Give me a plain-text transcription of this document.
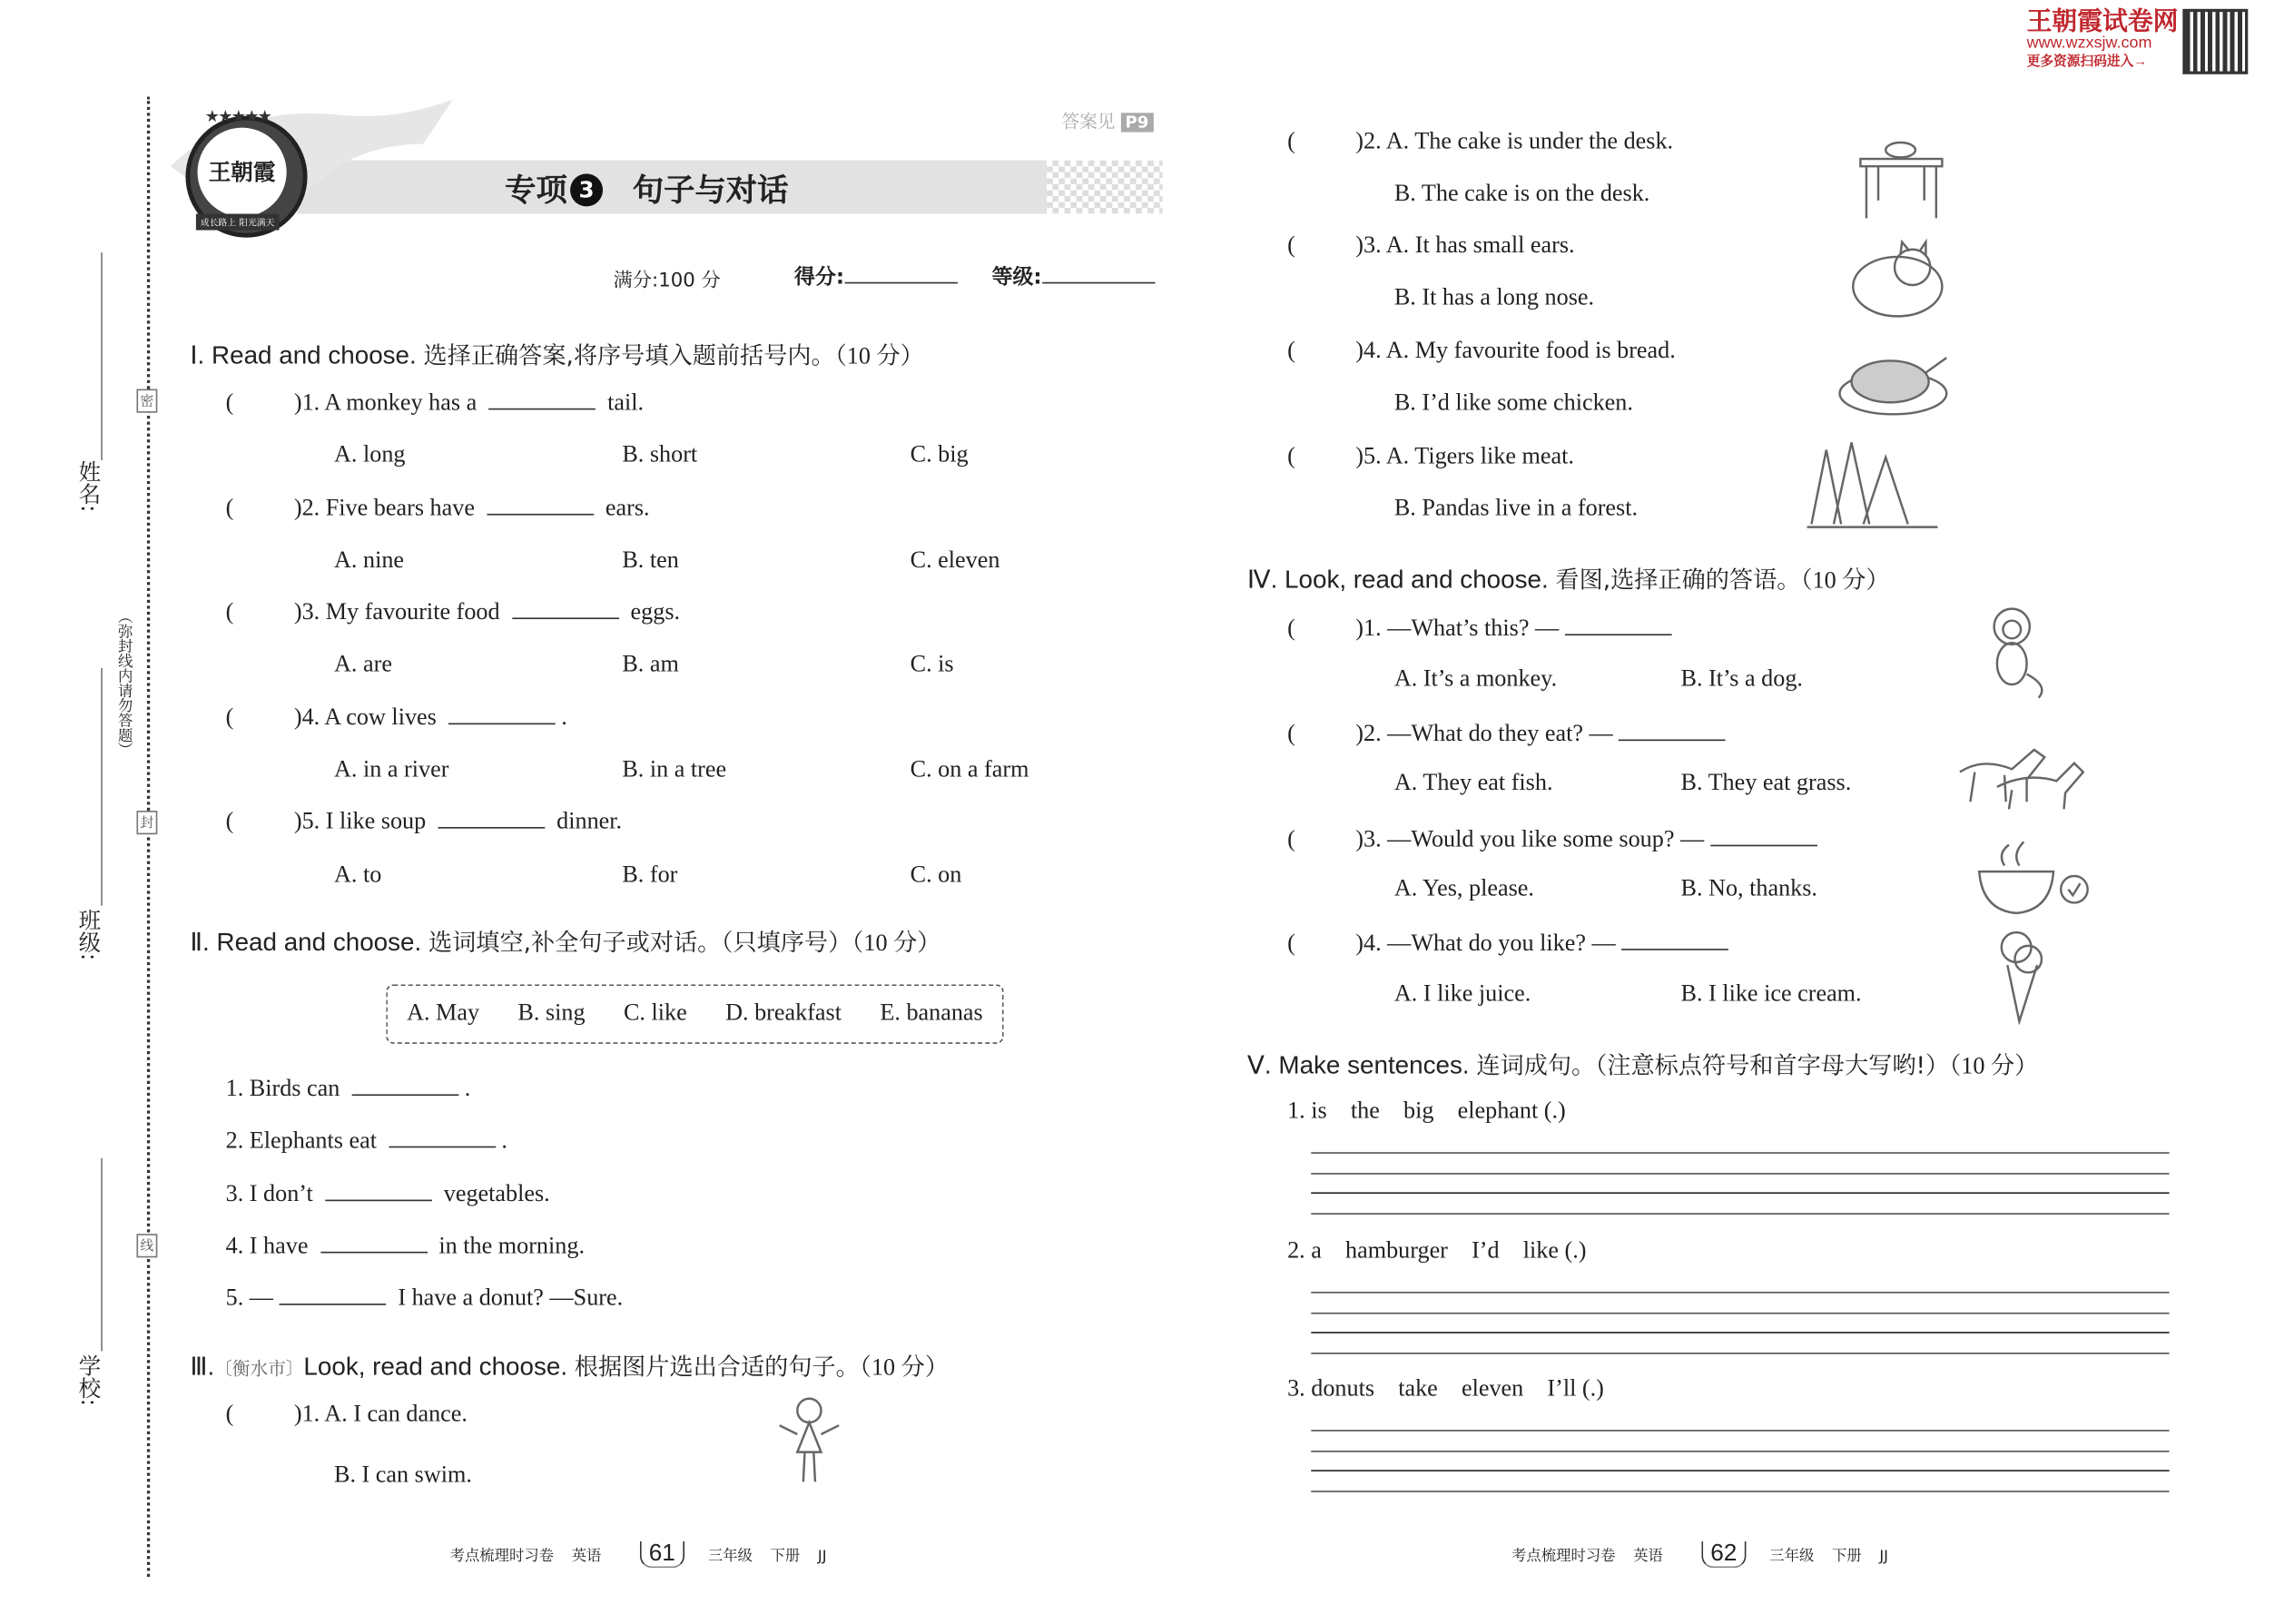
王朝霞试卷网
www.wzxsjw.com
更多资源扫码进入→
姓名:
班级:
学校:
（弥封线内请勿答题）
密
封
线
王朝霞
成长路上 阳光满天
★★★★★
专项 3 句子与对话
答案见 P9
满分:100 分	得分:	等级:
Ⅰ. Read and choose. 选择正确答案,将序号填入题前括号内。（10 分）
(	)1. A monkey has a	tail.
A. long	B. short	C. big
(	)2. Five bears have	ears.
A. nine	B. ten	C. eleven
(	)3. My favourite food	eggs.
A. are	B. am	C. is
(	)4. A cow lives	.
A. in a river	B. in a tree	C. on a farm
(	)5. I like soup	dinner.
A. to	B. for	C. on
Ⅱ. Read and choose. 选词填空,补全句子或对话。（只填序号）（10 分）
A. May	B. sing	C. like	D. breakfast	E. bananas
1. Birds can	.
2. Elephants eat	.
3. I don’t	vegetables.
4. I have	in the morning.
5. —	I have a donut? —Sure.
Ⅲ.〔衡水市〕Look, read and choose. 根据图片选出合适的句子。（10 分）
(	)1. A. I can dance.
B. I can swim.
(	)2. A. The cake is under the desk.
B. The cake is on the desk.
(	)3. A. It has small ears.
B. It has a long nose.
(	)4. A. My favourite food is bread.
B. I’d like some chicken.
(	)5. A. Tigers like meat.
B. Pandas live in a forest.
Ⅳ. Look, read and choose. 看图,选择正确的答语。（10 分）
(	)1. —What’s this? —
A. It’s a monkey.	B. It’s a dog.
(	)2. —What do they eat? —
A. They eat fish.	B. They eat grass.
(	)3. —Would you like some soup? —
A. Yes, please.	B. No, thanks.
(	)4. —What do you like? —
A. I like juice.	B. I like ice cream.
Ⅴ. Make sentences. 连词成句。（注意标点符号和首字母大写哟!）（10 分）
1. is    the    big    elephant (.)
2. a    hamburger    I’d    like (.)
3. donuts    take    eleven    I’ll (.)
考点梳理时习卷 英语	61	三年级 下册 JJ	考点梳理时习卷 英语	62	三年级 下册 JJ
